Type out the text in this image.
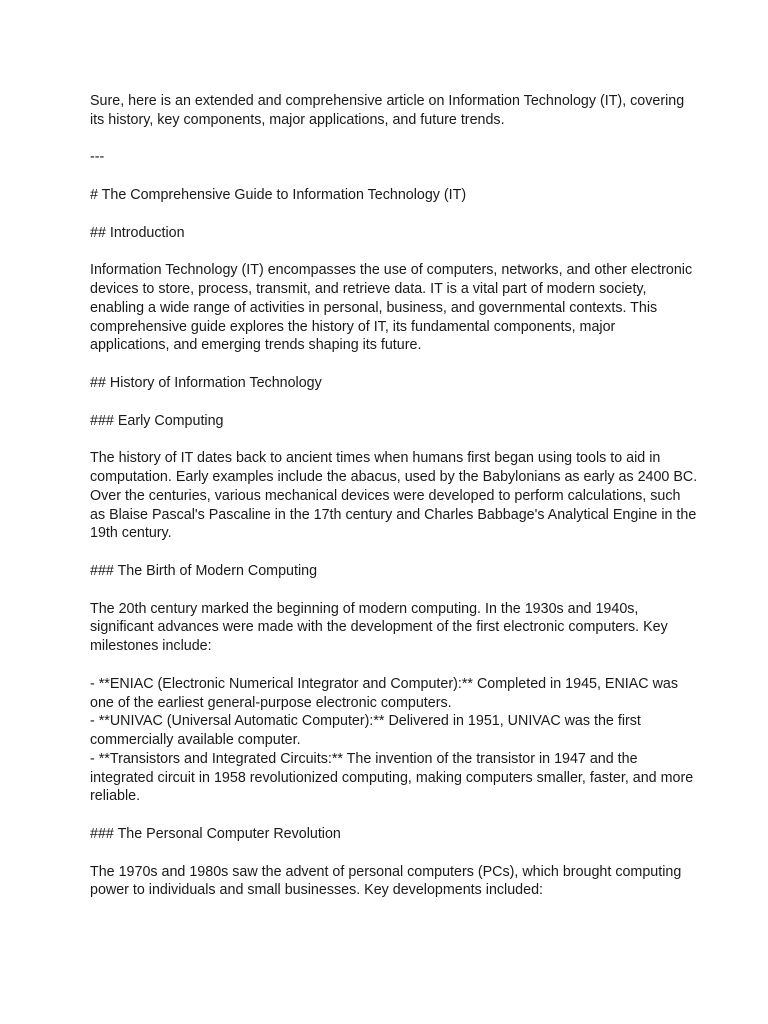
Sure, here is an extended and comprehensive article on Information Technology (IT), covering
its history, key components, major applications, and future trends.

---

# The Comprehensive Guide to Information Technology (IT)

## Introduction

Information Technology (IT) encompasses the use of computers, networks, and other electronic
devices to store, process, transmit, and retrieve data. IT is a vital part of modern society,
enabling a wide range of activities in personal, business, and governmental contexts. This
comprehensive guide explores the history of IT, its fundamental components, major
applications, and emerging trends shaping its future.

## History of Information Technology

### Early Computing

The history of IT dates back to ancient times when humans first began using tools to aid in
computation. Early examples include the abacus, used by the Babylonians as early as 2400 BC.
Over the centuries, various mechanical devices were developed to perform calculations, such
as Blaise Pascal's Pascaline in the 17th century and Charles Babbage's Analytical Engine in the
19th century.

### The Birth of Modern Computing

The 20th century marked the beginning of modern computing. In the 1930s and 1940s,
significant advances were made with the development of the first electronic computers. Key
milestones include:

- **ENIAC (Electronic Numerical Integrator and Computer):** Completed in 1945, ENIAC was
one of the earliest general-purpose electronic computers.
- **UNIVAC (Universal Automatic Computer):** Delivered in 1951, UNIVAC was the first
commercially available computer.
- **Transistors and Integrated Circuits:** The invention of the transistor in 1947 and the
integrated circuit in 1958 revolutionized computing, making computers smaller, faster, and more
reliable.

### The Personal Computer Revolution

The 1970s and 1980s saw the advent of personal computers (PCs), which brought computing
power to individuals and small businesses. Key developments included:
